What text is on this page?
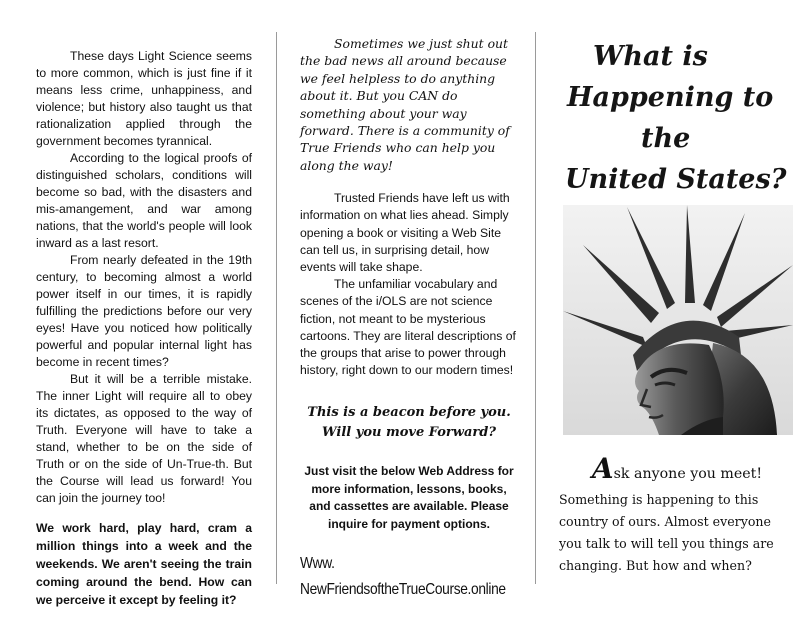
These days Light Science seems to more common, which is just fine if it means less crime, unhappiness, and violence; but history also taught us that rationalization applied through the government becomes tyrannical.

According to the logical proofs of distinguished scholars, conditions will become so bad, with the disasters and mis-amangement, and war among nations, that the world's people will look inward as a last resort.

From nearly defeated in the 19th century, to becoming almost a world power itself in our times, it is rapidly fulfilling the predictions before our very eyes! Have you noticed how politically powerful and popular internal light has become in recent times?

But it will be a terrible mistake. The inner Light will require all to obey its dictates, as opposed to the way of Truth. Everyone will have to take a stand, whether to be on the side of Truth or on the side of Un-True-th. But the Course will lead us forward! You can join the journey too!

We work hard, play hard, cram a million things into a week and the weekends. We aren't seeing the train coming around the bend. How can we perceive it except by feeling it?

Sometimes we just shut out the bad news all around because we feel helpless to do anything about it. But you CAN do something about your way forward. There is a community of True Friends who can help you along the way!

Trusted Friends have left us with information on what lies ahead. Simply opening a book or visiting a Web Site can tell us, in surprising detail, how events will take shape.

The unfamiliar vocabulary and scenes of the i/OLS are not science fiction, not meant to be mysterious cartoons. They are literal descriptions of the groups that arise to power through history, right down to our modern times!

This is a beacon before you.
Will you move Forward?

Just visit the below Web Address for more information, lessons, books, and cassettes are available. Please inquire for payment options.

Www.
NewFriendsoftheTrueCourse.online
What is
Happening to
the
United States?

Ask anyone you meet!

Something is happening to this country of ours. Almost everyone you talk to will tell you things are changing. But how and when?
